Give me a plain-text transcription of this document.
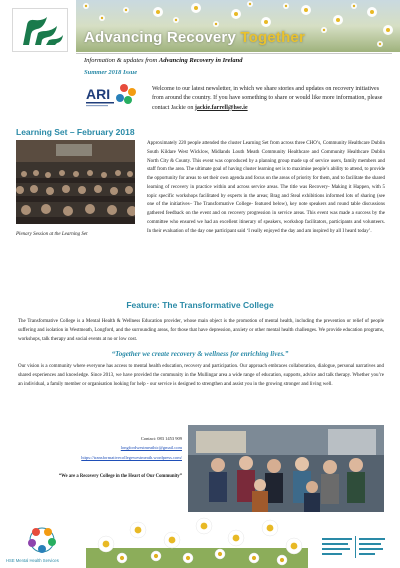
Advancing Recovery Together
Information & updates from Advancing Recovery in Ireland
Summer 2018 Issue
ARI	Welcome to our latest newsletter, in which we share stories and updates on recovery initiatives from around the country. If you have something to share or would like more information, please contact Jackie on jackie.farrell@hse.ie
Learning Set – February 2018
Plenary Session at the Learning Set
Approximately 220 people attended the cluster Learning Set from across three CHO’s, Community Healthcare Dublin South Kildare West Wicklow, Midlands Louth Meath Community Healthcare and Community Healthcare Dublin North City & County. This event was coproduced by a planning group made up of service users, family members and staff from the area. The ultimate goal of having cluster learning set is to maximise people’s ability to attend, to provide the opportunity for areas to set their own agenda and focus on the areas of priority for them, and to facilitate the shared learning of recovery in practice within and across service areas. The title was Recovery- Making it Happen, with 5 topic specific workshops facilitated by experts in the areas; Brag and Steal exhibitions informed lots of sharing (see one of the initiatives– The Transformative College- featured below), key note speakers and round table discussions gathered feedback on the event and on recovery progression in service areas. This event was made a success by the committee who ensured we had an excellent itinerary of speakers, workshop facilitators, participants and volunteers. In their evaluation of the day one participant said ‘I really enjoyed the day and am inspired by all I heard today’.
Feature: The Transformative College
The Transformative College is a Mental Health & Wellness Education provider, whose main object is the promotion of mental health, including the prevention or relief of people suffering and isolation in Westmeath, Longford, and the surrounding areas, for those that have depression, anxiety or other mental health challenges. We provide education programs, workshops, talk therapy and social events at no or low cost.
“Together we create recovery & wellness for enriching lives.”
Our vision is a community where everyone has access to mental health education, recovery and participation. Our approach embraces collaboration, dialogue, personal narratives and shared experiences and knowledge. Since 2013, we have provided the community in the Mullingar area a wide range of education, supports, advice and talk therapy. Whether you’re an individual, a family member or organisation looking for help - our service is designed to strengthen and assist you in the growing stronger and living well.
Contact: 083 1453 909
longfordwestmeathtc@gmail.com
https://transformativecollegewestmeath.wordpress.com/
“We are a Recovery College in the Heart of Our Community”
HSE Mental Health Services
